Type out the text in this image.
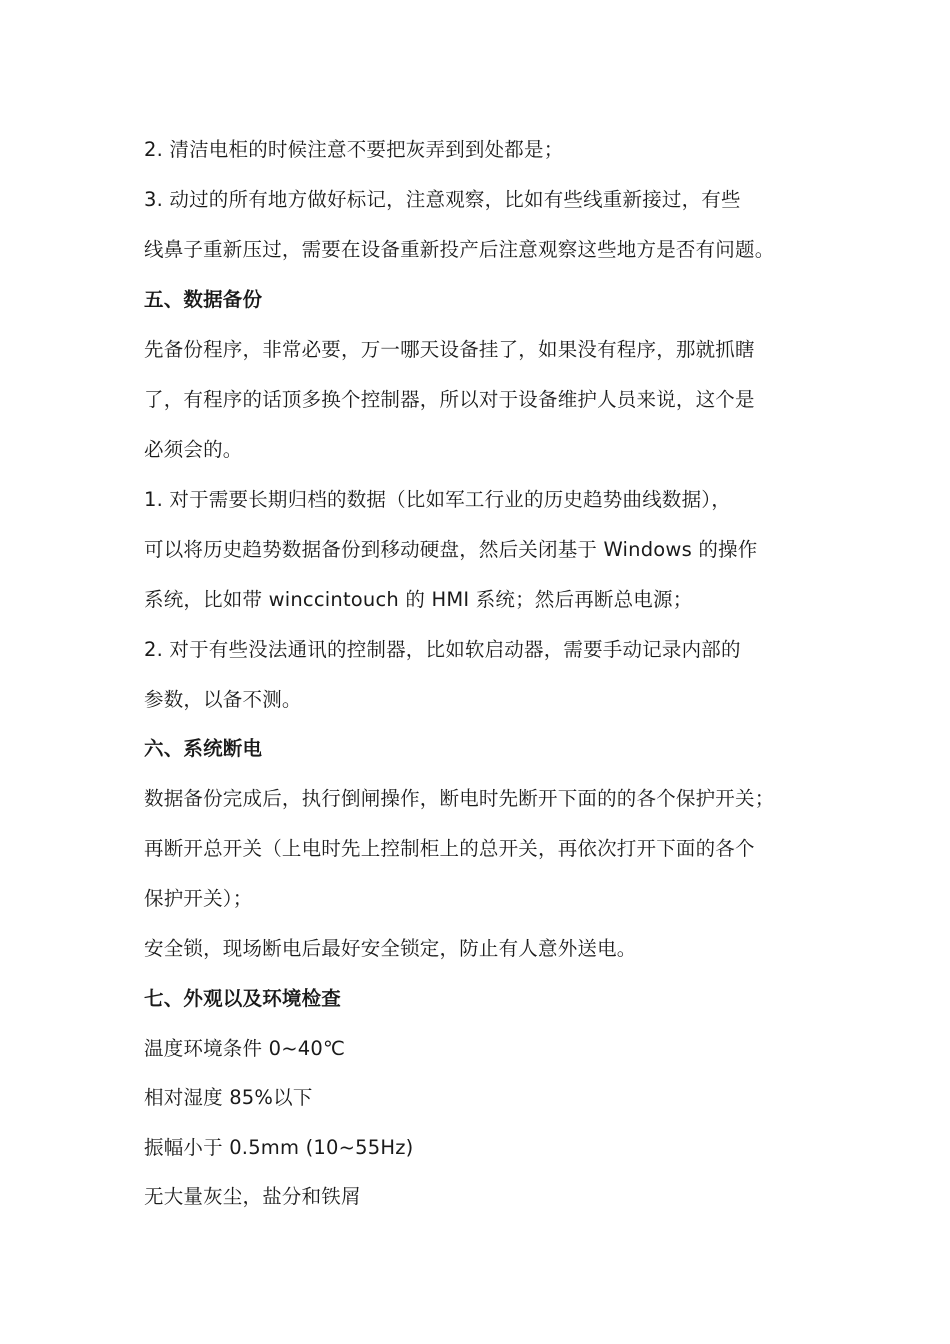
2. 清洁电柜的时候注意不要把灰弄到到处都是；
3. 动过的所有地方做好标记，注意观察，比如有些线重新接过，有些
线鼻子重新压过，需要在设备重新投产后注意观察这些地方是否有问题。
五、数据备份
先备份程序，非常必要，万一哪天设备挂了，如果没有程序，那就抓瞎
了，有程序的话顶多换个控制器，所以对于设备维护人员来说，这个是
必须会的。
1. 对于需要长期归档的数据（比如军工行业的历史趋势曲线数据），
可以将历史趋势数据备份到移动硬盘，然后关闭基于 Windows 的操作
系统，比如带 winccintouch 的 HMI 系统；然后再断总电源；
2. 对于有些没法通讯的控制器，比如软启动器，需要手动记录内部的
参数，以备不测。
六、系统断电
数据备份完成后，执行倒闸操作，断电时先断开下面的的各个保护开关；
再断开总开关（上电时先上控制柜上的总开关，再依次打开下面的各个
保护开关）；
安全锁，现场断电后最好安全锁定，防止有人意外送电。
七、外观以及环境检查
温度环境条件 0~40℃
相对湿度 85%以下
振幅小于 0.5mm (10~55Hz)
无大量灰尘，盐分和铁屑
